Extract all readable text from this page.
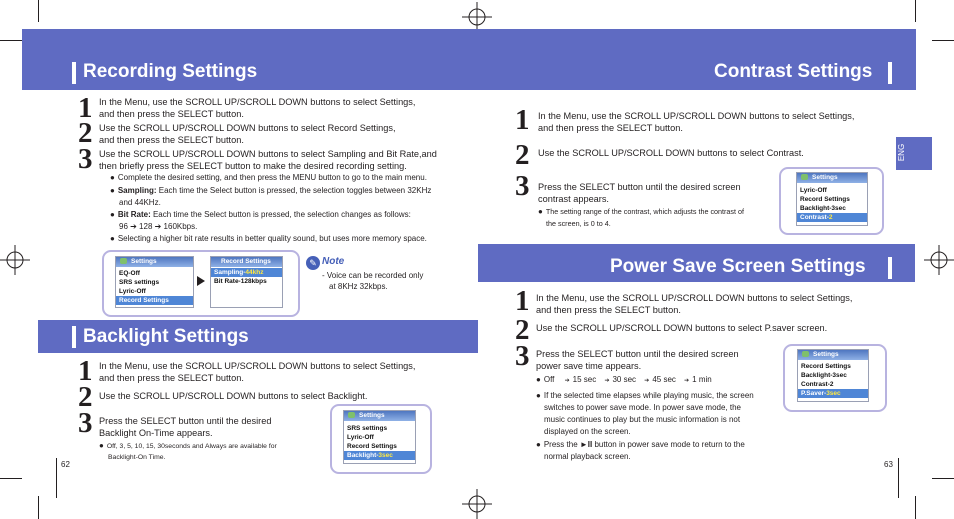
Recording Settings	Contrast Settings
ENG
1 In the Menu, use the SCROLL UP/SCROLL DOWN buttons to select Settings,
and then press the SELECT button.
2 Use the SCROLL UP/SCROLL DOWN buttons to select Record Settings,
and then press the SELECT button.
3 Use the SCROLL UP/SCROLL DOWN buttons to select Sampling and Bit Rate,and
then briefly press the SELECT button to make the desired recording setting.
● Complete the desired setting, and then press the MENU button to go to the main menu.
● Sampling: Each time the Select button is pressed, the selection toggles between 32KHz
and 44KHz.
● Bit Rate: Each time the Select button is pressed, the selection changes as follows:
96 ➔ 128 ➔ 160Kbps.
● Selecting a higher bit rate results in better quality sound, but uses more memory space.
Settings
EQ-Off
SRS settings
Lyric-Off
Record Settings
Record Settings
Sampling-44khz
Bit Rate-128kbps
✎ Note
- Voice can be recorded only
at 8KHz 32kbps.
Backlight Settings
1 In the Menu, use the SCROLL UP/SCROLL DOWN buttons to select Settings,
and then press the SELECT button.
2 Use the SCROLL UP/SCROLL DOWN buttons to select Backlight.
3 Press the SELECT button until the desired
Backlight On-Time appears.
● Off, 3, 5, 10, 15, 30seconds and Always are available for
Backlight-On Time.
Settings
SRS settings
Lyric-Off
Record Settings
Backlight-3sec
1 In the Menu, use the SCROLL UP/SCROLL DOWN buttons to select Settings,
and then press the SELECT button.
2 Use the SCROLL UP/SCROLL DOWN buttons to select Contrast.
3 Press the SELECT button until the desired screen
contrast appears.
● The setting range of the contrast, which adjusts the contrast of
the screen, is 0 to 4.
Settings
Lyric-Off
Record Settings
Backlight-3sec
Contrast-2
Power Save Screen Settings
1 In the Menu, use the SCROLL UP/SCROLL DOWN buttons to select Settings,
and then press the SELECT button.
2 Use the SCROLL UP/SCROLL DOWN buttons to select P.saver screen.
3 Press the SELECT button until the desired screen
power save time appears.
● Off ➔ 15 sec ➔ 30 sec ➔ 45 sec ➔ 1 min
● If the selected time elapses while playing music, the screen
switches to power save mode. In power save mode, the
music continues to play but the music information is not
displayed on the screen.
● Press the ►II button in power save mode to return to the
normal playback screen.
Settings
Record Settings
Backlight-3sec
Contrast-2
P.Saver-3sec
62	63
